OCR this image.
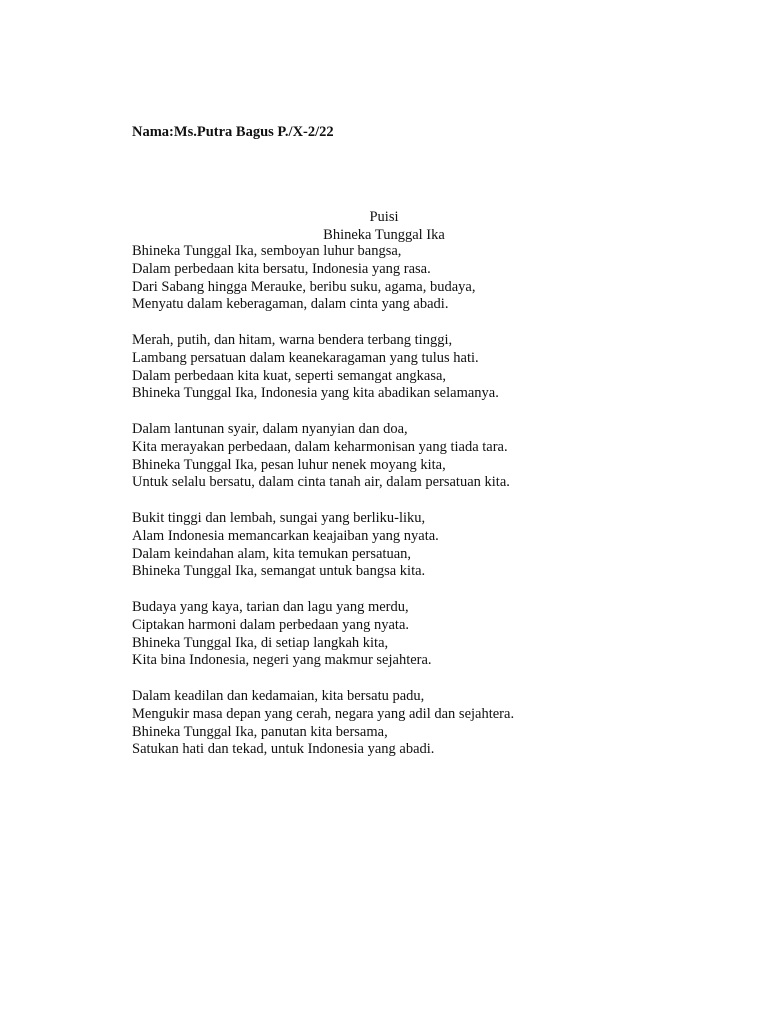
Nama:Ms.Putra Bagus P./X-2/22

Puisi
Bhineka Tunggal Ika
Bhineka Tunggal Ika, semboyan luhur bangsa,
Dalam perbedaan kita bersatu, Indonesia yang rasa.
Dari Sabang hingga Merauke, beribu suku, agama, budaya,
Menyatu dalam keberagaman, dalam cinta yang abadi.
Merah, putih, dan hitam, warna bendera terbang tinggi,
Lambang persatuan dalam keanekaragaman yang tulus hati.
Dalam perbedaan kita kuat, seperti semangat angkasa,
Bhineka Tunggal Ika, Indonesia yang kita abadikan selamanya.
Dalam lantunan syair, dalam nyanyian dan doa,
Kita merayakan perbedaan, dalam keharmonisan yang tiada tara.
Bhineka Tunggal Ika, pesan luhur nenek moyang kita,
Untuk selalu bersatu, dalam cinta tanah air, dalam persatuan kita.
Bukit tinggi dan lembah, sungai yang berliku-liku,
Alam Indonesia memancarkan keajaiban yang nyata.
Dalam keindahan alam, kita temukan persatuan,
Bhineka Tunggal Ika, semangat untuk bangsa kita.
Budaya yang kaya, tarian dan lagu yang merdu,
Ciptakan harmoni dalam perbedaan yang nyata.
Bhineka Tunggal Ika, di setiap langkah kita,
Kita bina Indonesia, negeri yang makmur sejahtera.
Dalam keadilan dan kedamaian, kita bersatu padu,
Mengukir masa depan yang cerah, negara yang adil dan sejahtera.
Bhineka Tunggal Ika, panutan kita bersama,
Satukan hati dan tekad, untuk Indonesia yang abadi.
